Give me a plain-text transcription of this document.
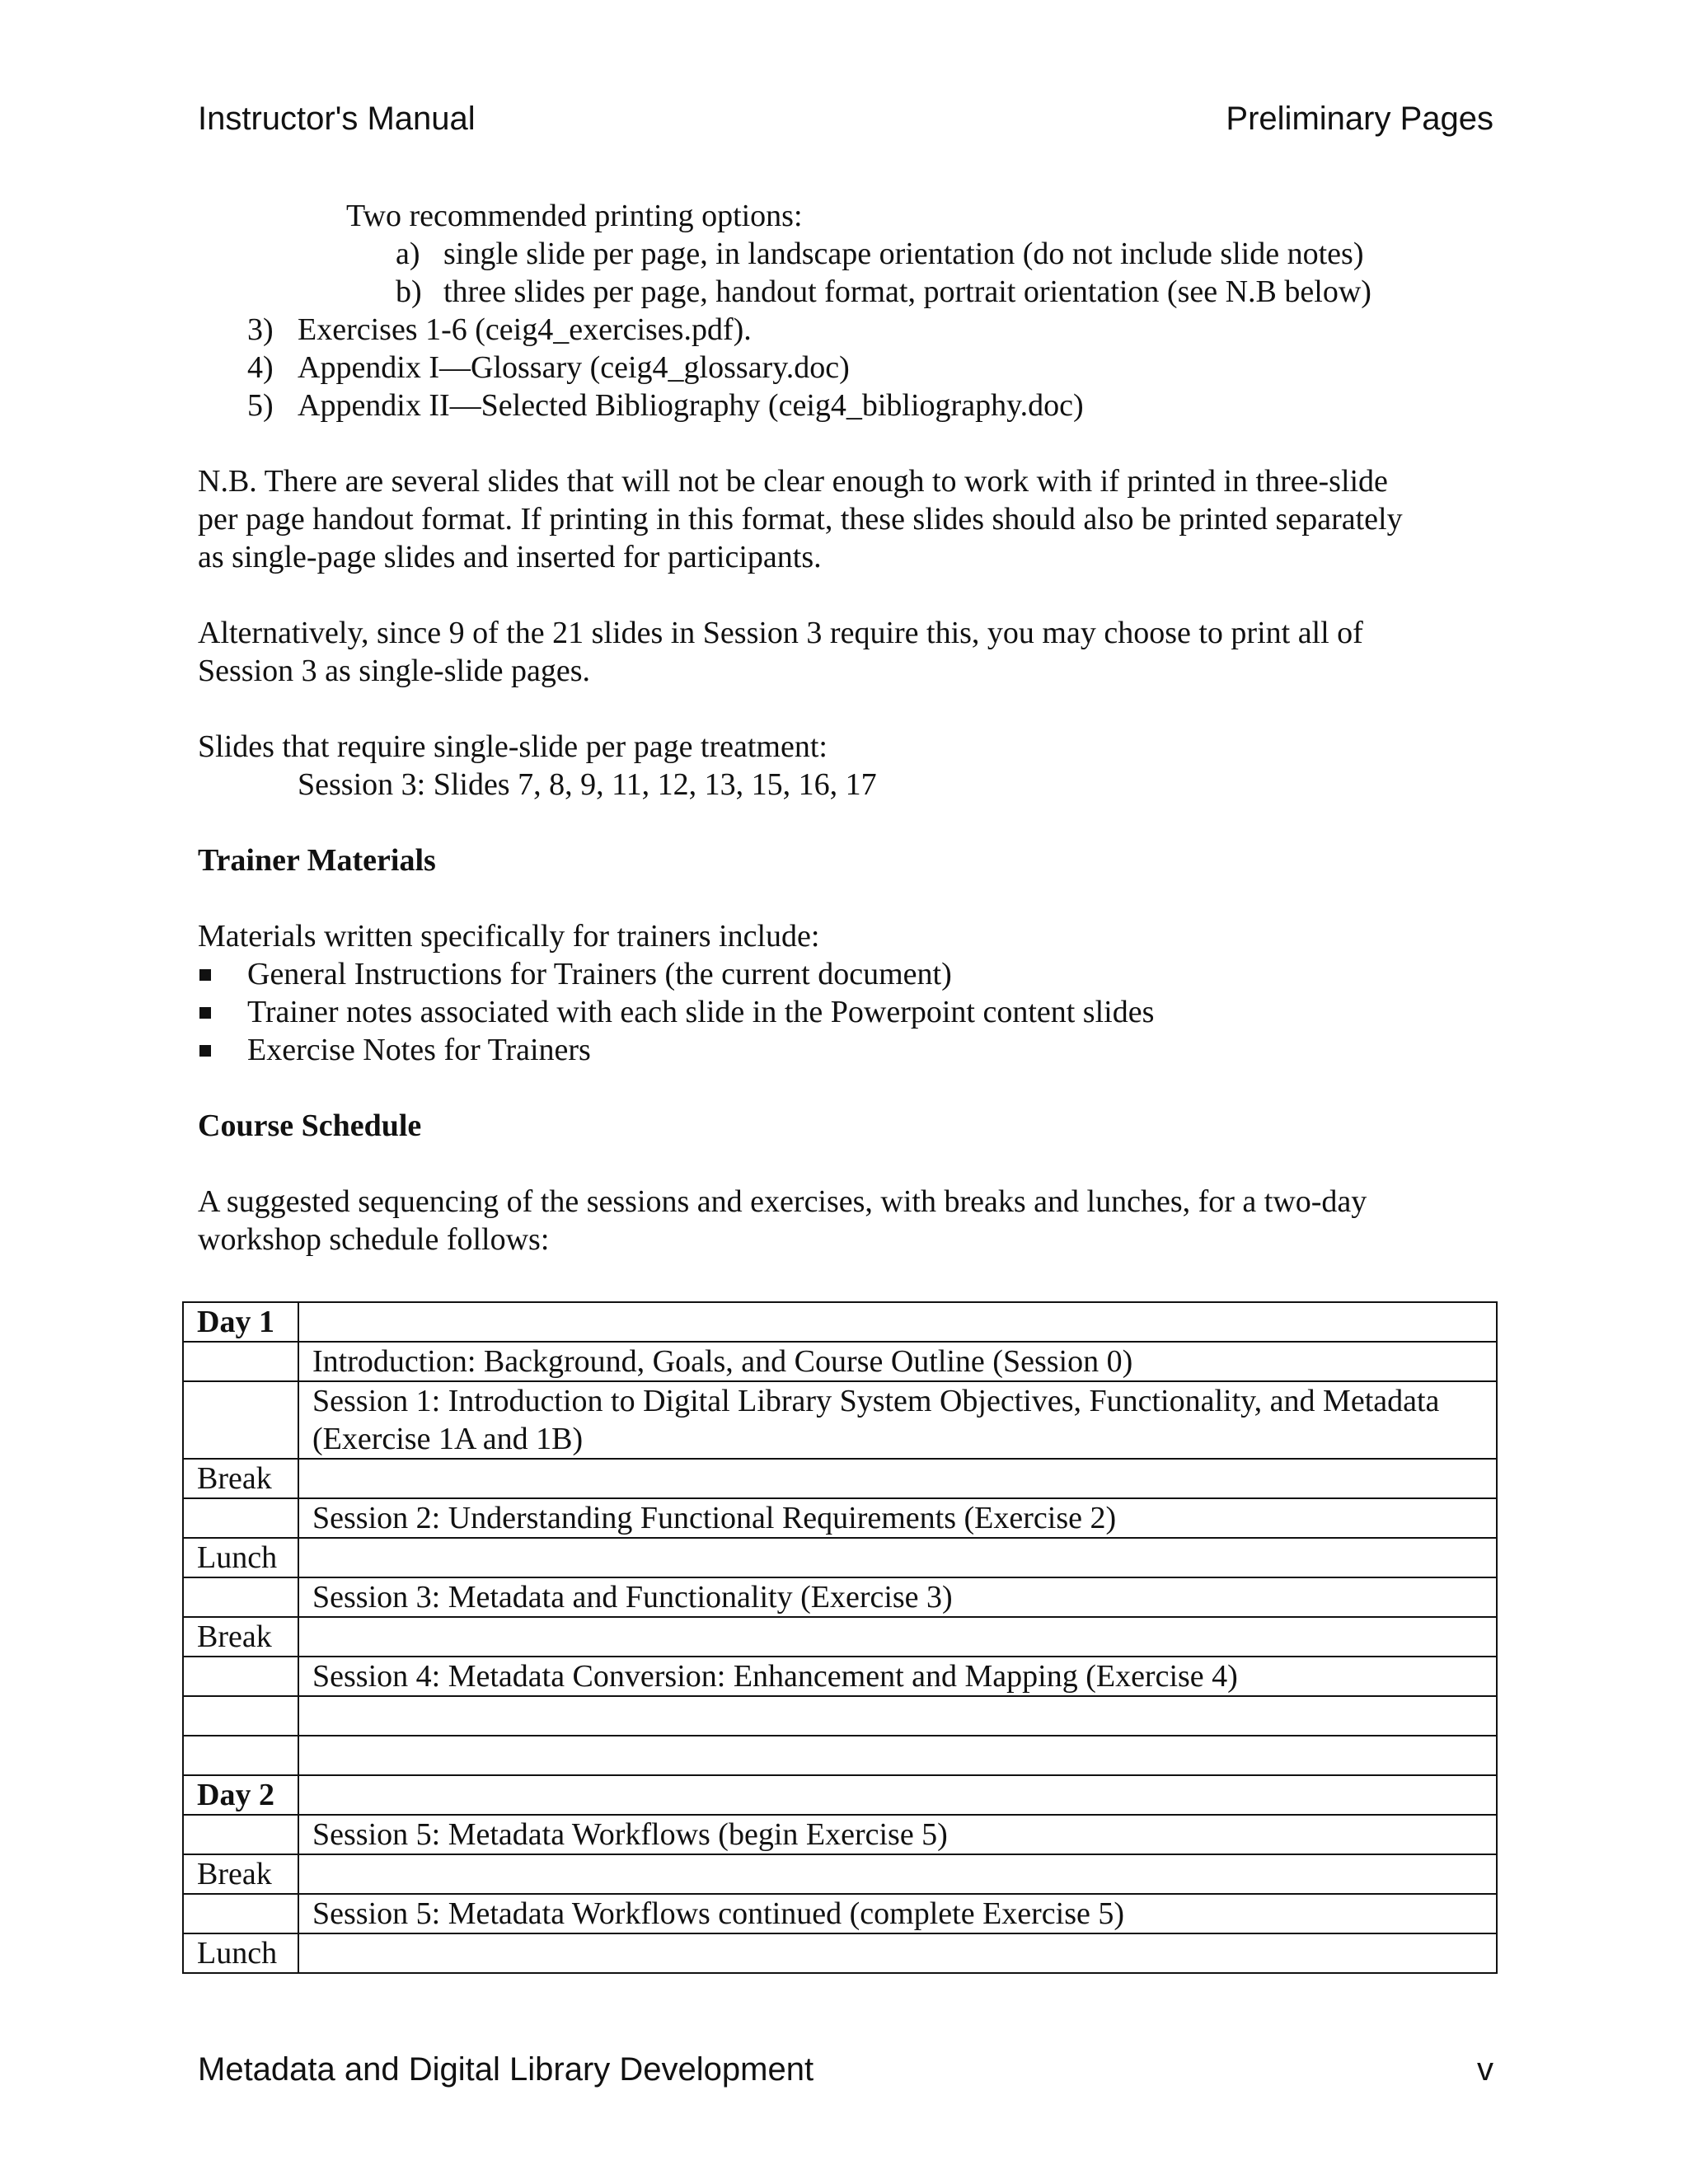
Instructor's Manual	Preliminary Pages

Two recommended printing options:

a) single slide per page, in landscape orientation (do not include slide notes)

b) three slides per page, handout format, portrait orientation (see N.B below)

3) Exercises 1-6 (ceig4_exercises.pdf).

4) Appendix I—Glossary (ceig4_glossary.doc)

5) Appendix II—Selected Bibliography (ceig4_bibliography.doc)

N.B. There are several slides that will not be clear enough to work with if printed in three-slide

per page handout format. If printing in this format, these slides should also be printed separately

as single-page slides and inserted for participants.

Alternatively, since 9 of the 21 slides in Session 3 require this, you may choose to print all of

Session 3 as single-slide pages.

Slides that require single-slide per page treatment:

Session 3: Slides 7, 8, 9, 11, 12, 13, 15, 16, 17

Trainer Materials

Materials written specifically for trainers include:

General Instructions for Trainers (the current document)
Trainer notes associated with each slide in the Powerpoint content slides
Exercise Notes for Trainers

Course Schedule

A suggested sequencing of the sessions and exercises, with breaks and lunches, for a two-day

workshop schedule follows:

Day 1	
	Introduction: Background, Goals, and Course Outline (Session 0)
	Session 1: Introduction to Digital Library System Objectives, Functionality, and Metadata (Exercise 1A and 1B)
Break	
	Session 2: Understanding Functional Requirements (Exercise 2)
Lunch	
	Session 3: Metadata and Functionality (Exercise 3)
Break	
	Session 4: Metadata Conversion: Enhancement and Mapping (Exercise 4)

Day 2	
	Session 5: Metadata Workflows (begin Exercise 5)
Break	
	Session 5: Metadata Workflows continued (complete Exercise 5)
Lunch	
Metadata and Digital Library Development	v
